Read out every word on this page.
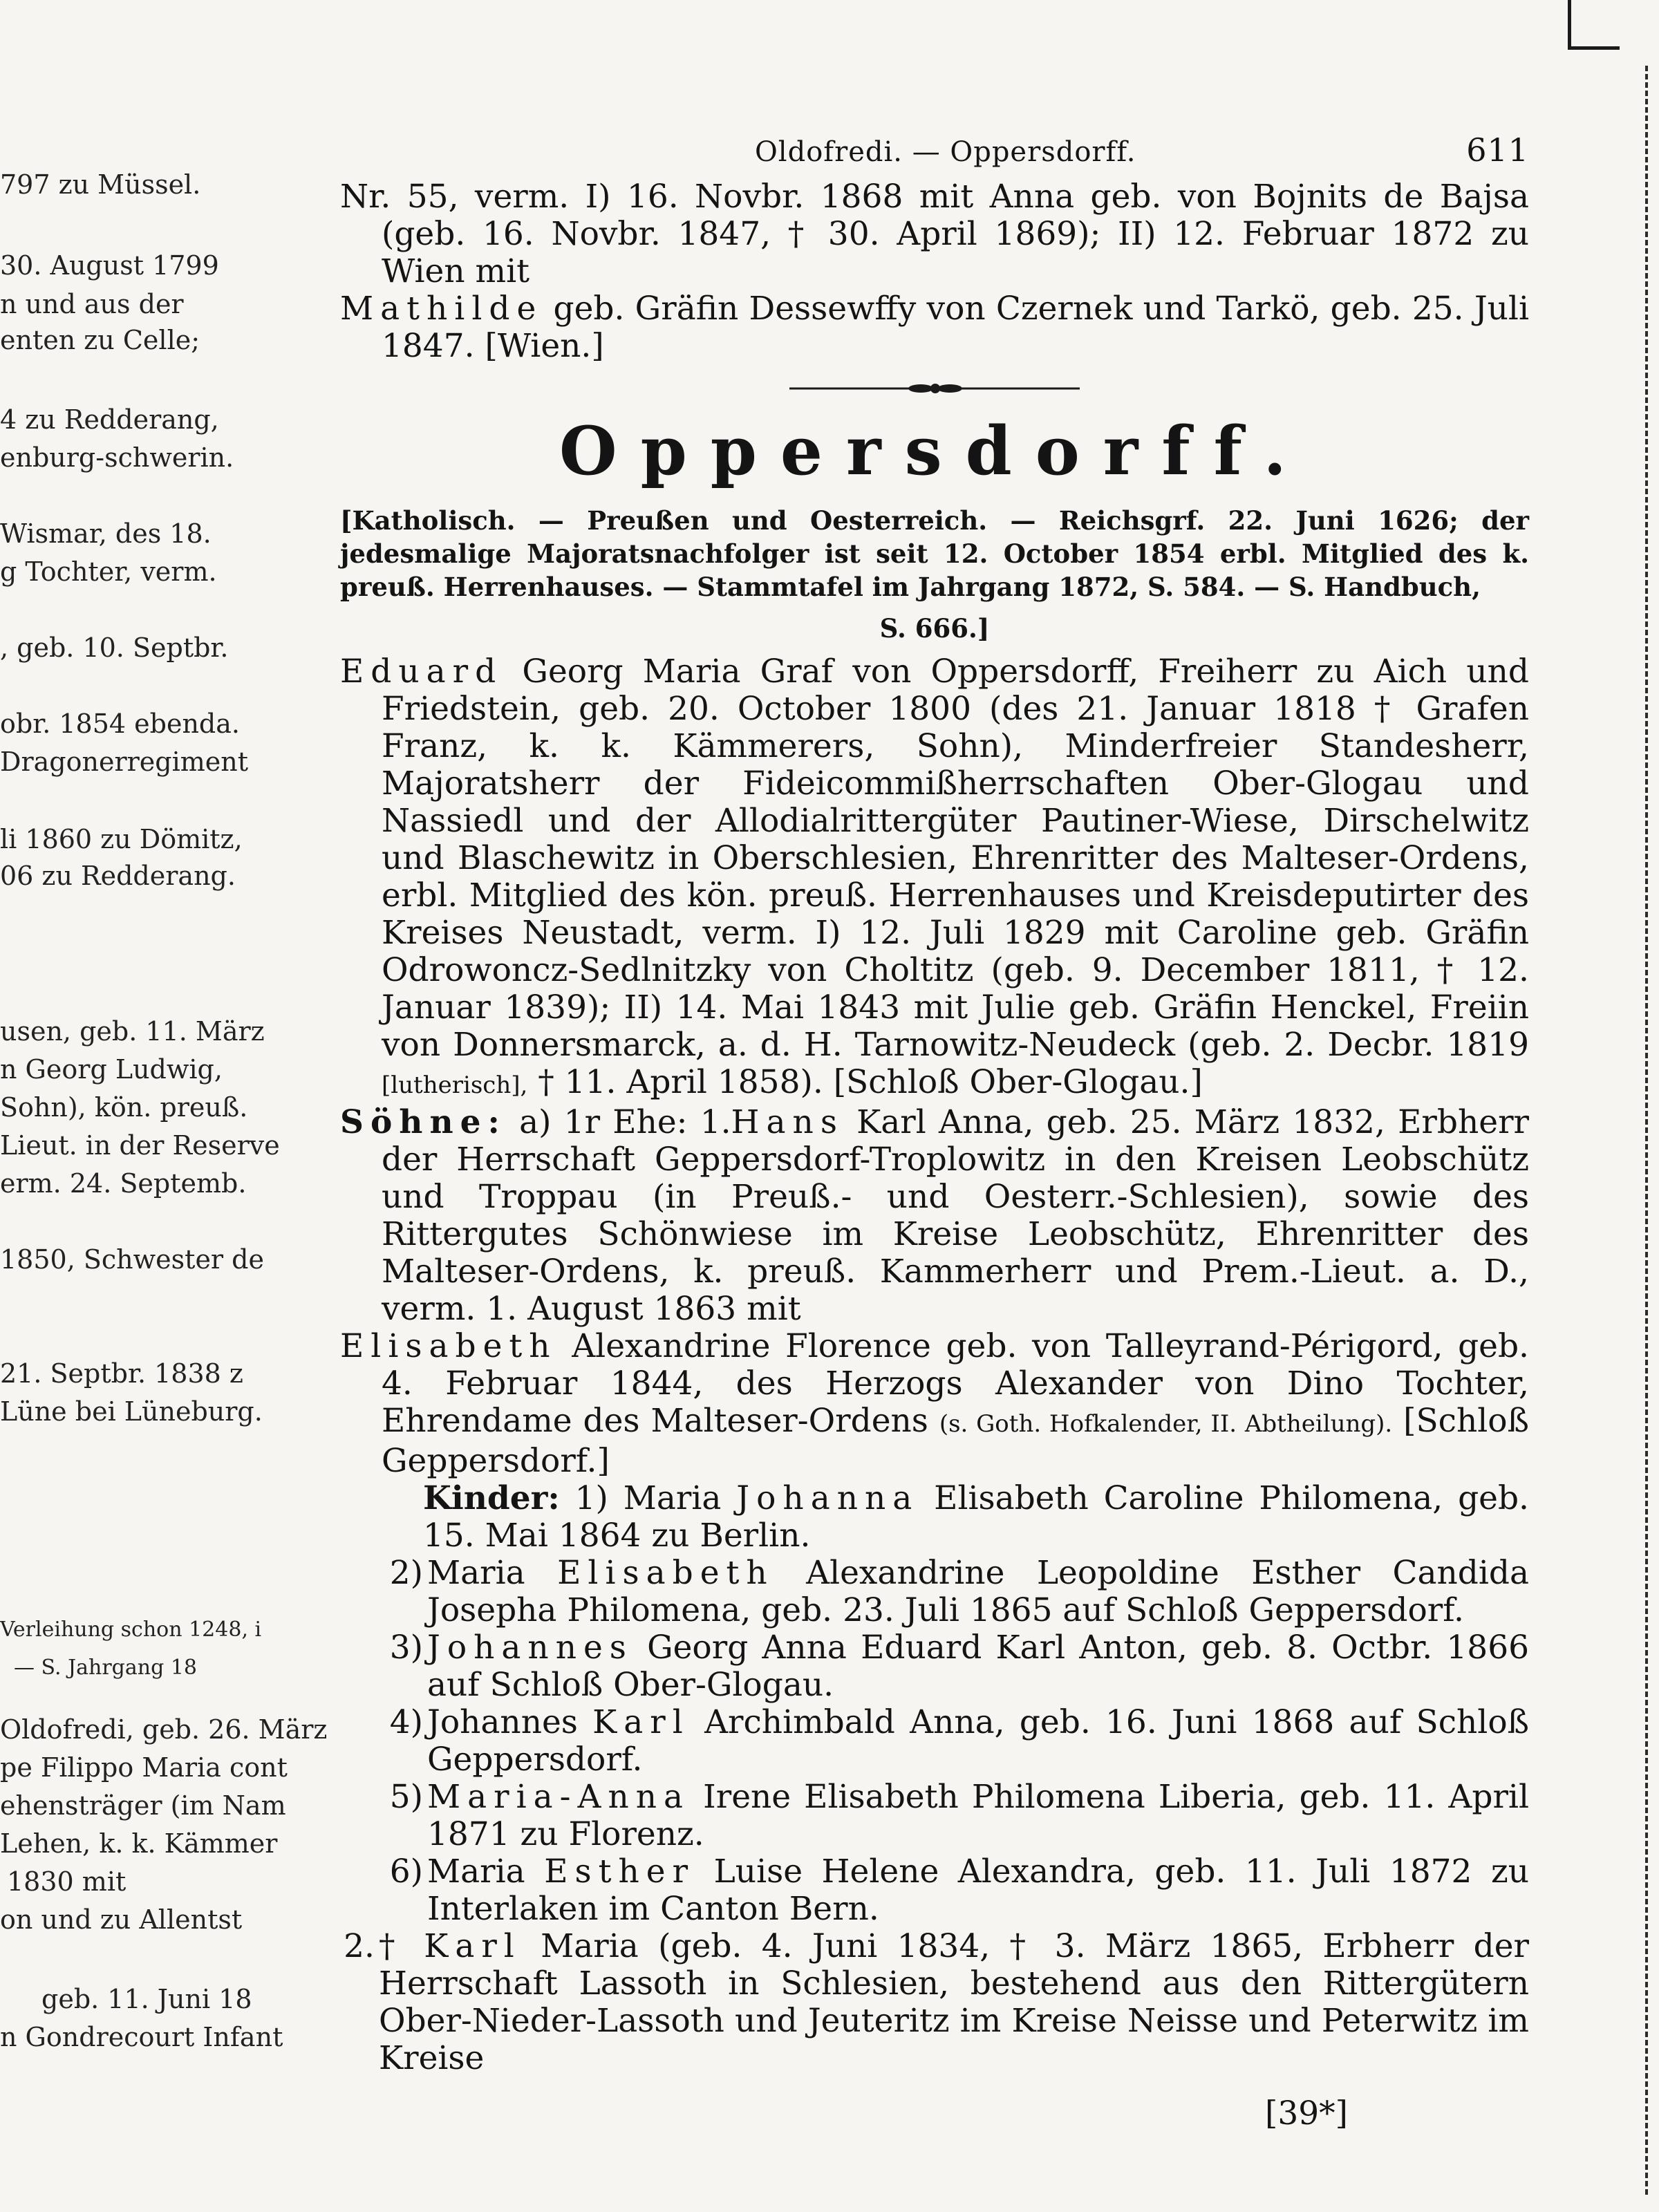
797 zu Müssel.
30. August 1799
n und aus der
enten zu Celle;
4 zu Redderang,
enburg-schwerin.
Wismar, des 18.
g Tochter, verm.
, geb. 10. Septbr.
obr. 1854 ebenda.
Dragonerregiment
li 1860 zu Dömitz,
06 zu Redderang.
usen, geb. 11. März
n Georg Ludwig,
Sohn), kön. preuß.
Lieut. in der Reserve
erm. 24. Septemb.
1850, Schwester de
21. Septbr. 1838 z
Lüne bei Lüneburg.
Verleihung schon 1248, i
— S. Jahrgang 18
Oldofredi, geb. 26. März
pe Filippo Maria cont
ehensträger (im Nam
Lehen, k. k. Kämmer
1830 mit
on und zu Allentst
geb. 11. Juni 18
n Gondrecourt Infant
Oldofredi. — Oppersdorff.	611

Nr. 55, verm. I) 16. Novbr. 1868 mit Anna geb. von Bojnits de Bajsa (geb. 16. Novbr. 1847, † 30. April 1869); II) 12. Februar 1872 zu Wien mit

Mathilde geb. Gräfin Dessewffy von Czernek und Tarkö, geb. 25. Juli 1847. [Wien.]

Oppersdorff.

[Katholisch. — Preußen und Oesterreich. — Reichsgrf. 22. Juni 1626; der jedesmalige Majoratsnachfolger ist seit 12. October 1854 erbl. Mitglied des k. preuß. Herrenhauses. — Stammtafel im Jahrgang 1872, S. 584. — S. Handbuch,

S. 666.]

Eduard Georg Maria Graf von Oppersdorff, Freiherr zu Aich und Friedstein, geb. 20. October 1800 (des 21. Januar 1818 † Grafen Franz, k. k. Kämmerers, Sohn), Minderfreier Standesherr, Majoratsherr der Fideicommißherrschaften Ober-Glogau und Nassiedl und der Allodialrittergüter Pautiner-Wiese, Dirschelwitz und Blaschewitz in Oberschlesien, Ehrenritter des Malteser-Ordens, erbl. Mitglied des kön. preuß. Herrenhauses und Kreisdeputirter des Kreises Neustadt, verm. I) 12. Juli 1829 mit Caroline geb. Gräfin Odrowoncz-Sedlnitzky von Choltitz (geb. 9. December 1811, † 12. Januar 1839); II) 14. Mai 1843 mit Julie geb. Gräfin Henckel, Freiin von Donnersmarck, a. d. H. Tarnowitz-Neudeck (geb. 2. Decbr. 1819 [lutherisch], † 11. April 1858). [Schloß Ober-Glogau.]

Söhne: a) 1r Ehe: 1.Hans Karl Anna, geb. 25. März 1832, Erbherr der Herrschaft Geppersdorf-Troplowitz in den Kreisen Leobschütz und Troppau (in Preuß.- und Oesterr.-Schlesien), sowie des Rittergutes Schönwiese im Kreise Leobschütz, Ehrenritter des Malteser-Ordens, k. preuß. Kammerherr und Prem.-Lieut. a. D., verm. 1. August 1863 mit

Elisabeth Alexandrine Florence geb. von Talleyrand-Périgord, geb. 4. Februar 1844, des Herzogs Alexander von Dino Tochter, Ehrendame des Malteser-Ordens (s. Goth. Hofkalender, II. Abtheilung). [Schloß Geppersdorf.]

Kinder: 1) Maria Johanna Elisabeth Caroline Philomena, geb. 15. Mai 1864 zu Berlin.

2) Maria Elisabeth Alexandrine Leopoldine Esther Candida Josepha Philomena, geb. 23. Juli 1865 auf Schloß Geppersdorf.

3) Johannes Georg Anna Eduard Karl Anton, geb. 8. Octbr. 1866 auf Schloß Ober-Glogau.

4) Johannes Karl Archimbald Anna, geb. 16. Juni 1868 auf Schloß Geppersdorf.

5) Maria-Anna Irene Elisabeth Philomena Liberia, geb. 11. April 1871 zu Florenz.

6) Maria Esther Luise Helene Alexandra, geb. 11. Juli 1872 zu Interlaken im Canton Bern.

2. † Karl Maria (geb. 4. Juni 1834, † 3. März 1865, Erbherr der Herrschaft Lassoth in Schlesien, bestehend aus den Rittergütern Ober-Nieder-Lassoth und Jeuteritz im Kreise Neisse und Peterwitz im Kreise

[39*]
